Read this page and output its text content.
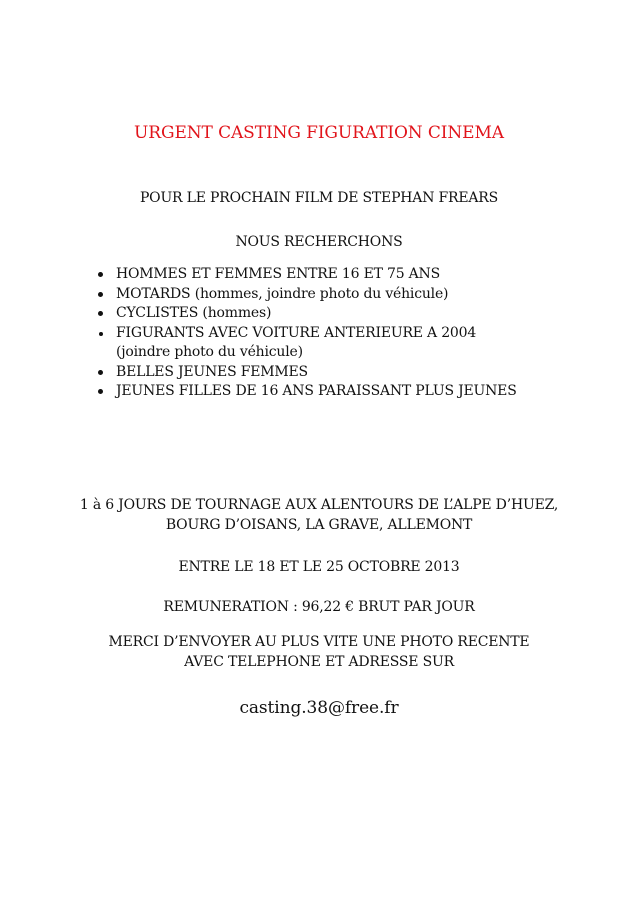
URGENT CASTING FIGURATION CINEMA
POUR LE PROCHAIN FILM DE STEPHAN FREARS
NOUS RECHERCHONS
HOMMES ET FEMMES ENTRE 16 ET 75 ANS
MOTARDS (hommes, joindre photo du véhicule)
CYCLISTES (hommes)
FIGURANTS AVEC VOITURE ANTERIEURE A 2004
(joindre photo du véhicule)
BELLES JEUNES FEMMES
JEUNES FILLES DE 16 ANS PARAISSANT PLUS JEUNES
1 à 6 JOURS DE TOURNAGE AUX ALENTOURS DE L’ALPE D’HUEZ,
BOURG D’OISANS, LA GRAVE, ALLEMONT
ENTRE LE 18 ET LE 25 OCTOBRE 2013
REMUNERATION : 96,22 € BRUT PAR JOUR
MERCI D’ENVOYER AU PLUS VITE UNE PHOTO RECENTE
AVEC TELEPHONE ET ADRESSE SUR
casting.38@free.fr
